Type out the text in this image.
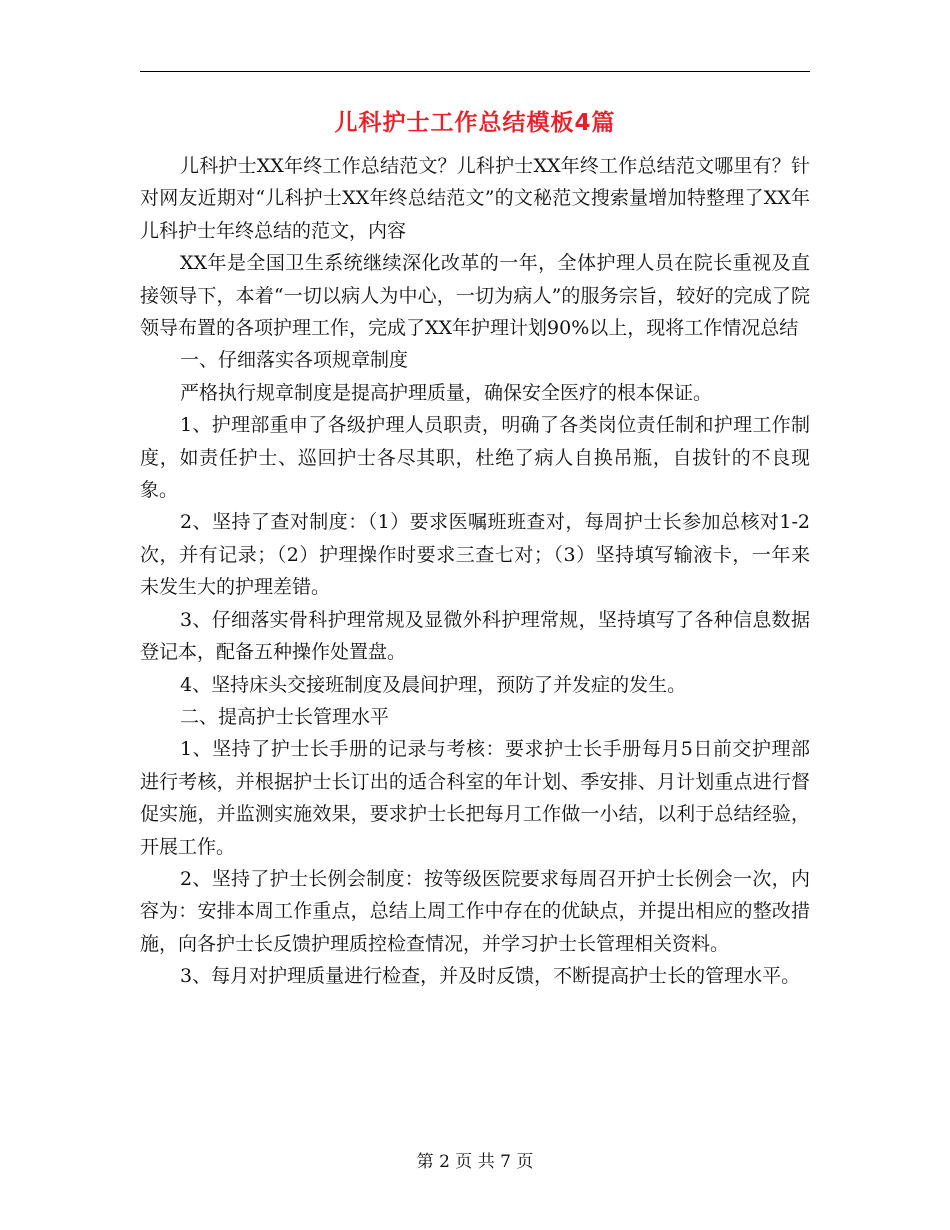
儿科护士工作总结模板4篇

儿科护士XX年终工作总结范文？儿科护士XX年终工作总结范文哪里有？针对网友近期对“儿科护士XX年终总结范文”的文秘范文搜索量增加特整理了XX年儿科护士年终总结的范文，内容

XX年是全国卫生系统继续深化改革的一年，全体护理人员在院长重视及直接领导下，本着“一切以病人为中心，一切为病人”的服务宗旨，较好的完成了院领导布置的各项护理工作，完成了XX年护理计划90%以上，现将工作情况总结

一、仔细落实各项规章制度

严格执行规章制度是提高护理质量，确保安全医疗的根本保证。

1、护理部重申了各级护理人员职责，明确了各类岗位责任制和护理工作制度，如责任护士、巡回护士各尽其职，杜绝了病人自换吊瓶，自拔针的不良现象。

2、坚持了查对制度：（1）要求医嘱班班查对，每周护士长参加总核对1-2次，并有记录；（2）护理操作时要求三查七对；（3）坚持填写输液卡，一年来未发生大的护理差错。

3、仔细落实骨科护理常规及显微外科护理常规，坚持填写了各种信息数据登记本，配备五种操作处置盘。

4、坚持床头交接班制度及晨间护理，预防了并发症的发生。

二、提高护士长管理水平

1、坚持了护士长手册的记录与考核：要求护士长手册每月5日前交护理部进行考核，并根据护士长订出的适合科室的年计划、季安排、月计划重点进行督促实施，并监测实施效果，要求护士长把每月工作做一小结，以利于总结经验，开展工作。

2、坚持了护士长例会制度：按等级医院要求每周召开护士长例会一次，内容为：安排本周工作重点，总结上周工作中存在的优缺点，并提出相应的整改措施，向各护士长反馈护理质控检查情况，并学习护士长管理相关资料。

3、每月对护理质量进行检查，并及时反馈，不断提高护士长的管理水平。

第 2 页 共 7 页
